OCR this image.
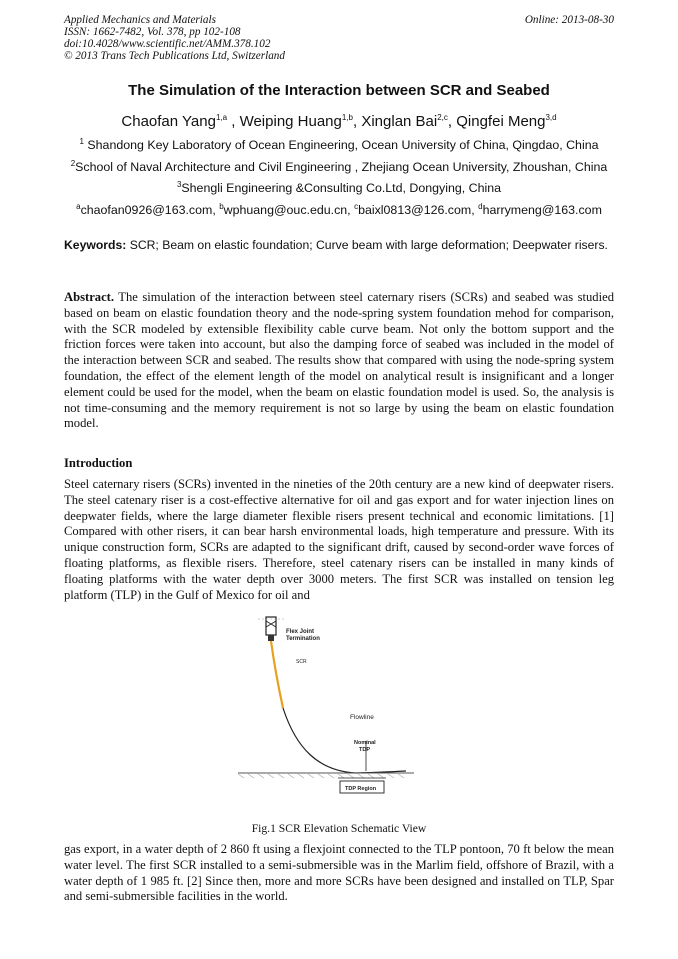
Applied Mechanics and Materials
ISSN: 1662-7482, Vol. 378, pp 102-108
doi:10.4028/www.scientific.net/AMM.378.102
© 2013 Trans Tech Publications Ltd, Switzerland
Online: 2013-08-30
The Simulation of the Interaction between SCR and Seabed
Chaofan Yang$^{1,a}$ , Weiping Huang$^{1,b}$, Xinglan Bai$^{2,c}$, Qingfei Meng$^{3,d}$
$^1$ Shandong Key Laboratory of Ocean Engineering, Ocean University of China, Qingdao, China
$^2$School of Naval Architecture and Civil Engineering , Zhejiang Ocean University, Zhoushan, China
$^3$Shengli Engineering &Consulting Co.Ltd, Dongying, China
$^a$chaofan0926@163.com, $^b$wphuang@ouc.edu.cn, $^c$baixl0813@126.com, $^d$harrymeng@163.com
Keywords: SCR; Beam on elastic foundation; Curve beam with large deformation; Deepwater risers.
Abstract. The simulation of the interaction between steel caternary risers (SCRs) and seabed was studied based on beam on elastic foundation theory and the node-spring system foundation mehod for comparison, with the SCR modeled by extensible flexibility cable curve beam. Not only the bottom support and the friction forces were taken into account, but also the damping force of seabed was included in the model of the interaction between SCR and seabed. The results show that compared with using the node-spring system foundation, the effect of the element length of the model on analytical result is insignificant and a longer element could be used for the model, when the beam on elastic foundation model is used. So, the analysis is not time-consuming and the memory requirement is not so large by using the beam on elastic foundation model.
Introduction
Steel caternary risers (SCRs) invented in the nineties of the 20th century are a new kind of deepwater risers. The steel catenary riser is a cost-effective alternative for oil and gas export and for water injection lines on deepwater fields, where the large diameter flexible risers present technical and economic limitations. [1] Compared with other risers, it can bear harsh environmental loads, high temperature and pressure. With its unique construction form, SCRs are adapted to the significant drift, caused by second-order wave forces of floating platforms, as flexible risers. Therefore, steel catenary risers can be installed in many kinds of floating platforms with the water depth over 3000 meters. The first SCR was installed on tension leg platform (TLP) in the Gulf of Mexico for oil and
Flex Joint
Termination
SCR
Flowline
Nominal
TDP
TDP Region
Fig.1 SCR Elevation Schematic View
gas export, in a water depth of 2 860 ft using a flexjoint connected to the TLP pontoon, 70 ft below the mean water level. The first SCR installed to a semi-submersible was in the Marlim field, offshore of Brazil, with a water depth of 1 985 ft. [2] Since then, more and more SCRs have been designed and installed on TLP, Spar and semi-submersible facilities in the world.
